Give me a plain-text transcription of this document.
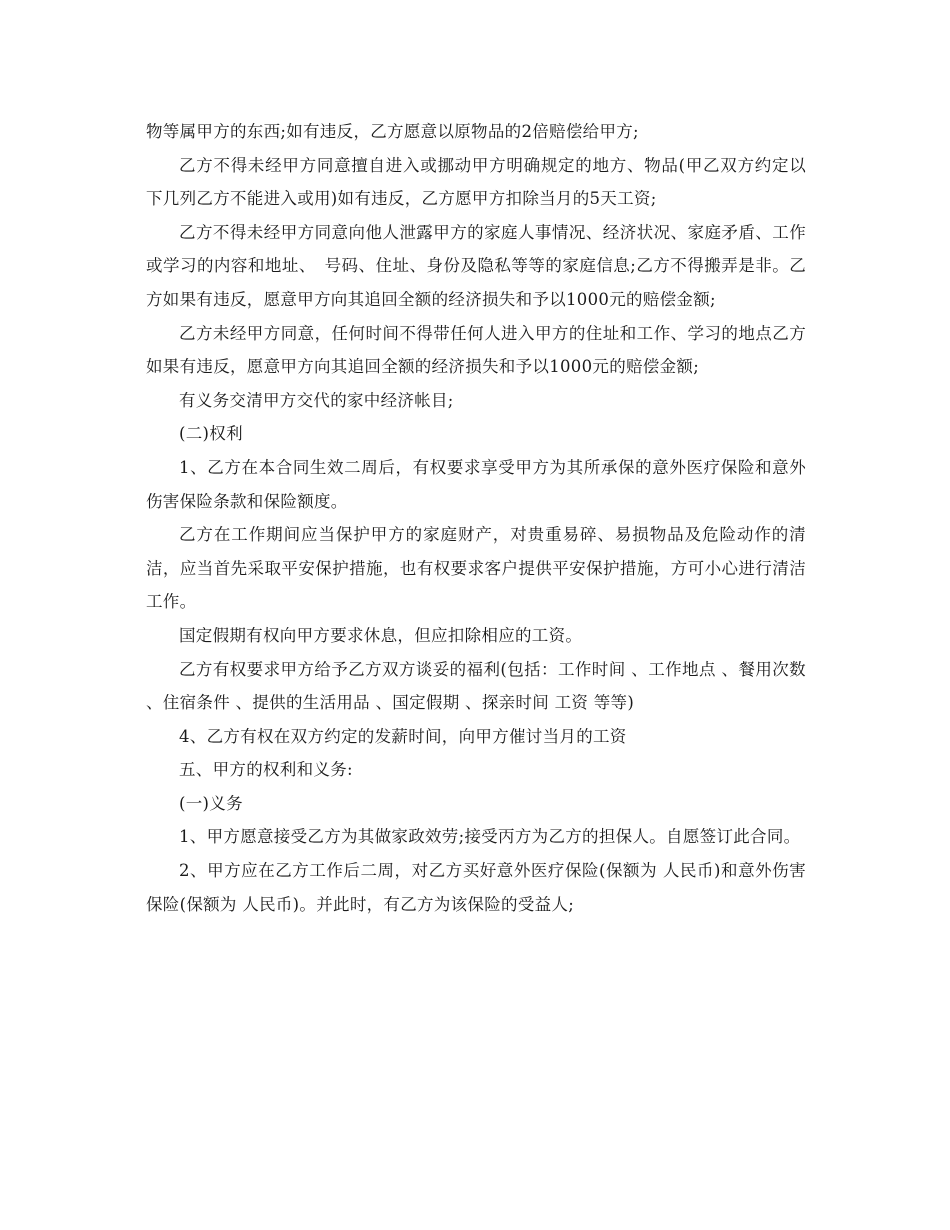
物等属甲方的东西;如有违反，乙方愿意以原物品的2倍赔偿给甲方;

乙方不得未经甲方同意擅自进入或挪动甲方明确规定的地方、物品(甲乙双方约定以下几列乙方不能进入或用)如有违反，乙方愿甲方扣除当月的5天工资;

乙方不得未经甲方同意向他人泄露甲方的家庭人事情况、经济状况、家庭矛盾、工作或学习的内容和地址、　号码、住址、身份及隐私等等的家庭信息;乙方不得搬弄是非。乙方如果有违反，愿意甲方向其追回全额的经济损失和予以1000元的赔偿金额;

乙方未经甲方同意，任何时间不得带任何人进入甲方的住址和工作、学习的地点乙方如果有违反，愿意甲方向其追回全额的经济损失和予以1000元的赔偿金额;

有义务交清甲方交代的家中经济帐目;

(二)权利

1、乙方在本合同生效二周后，有权要求享受甲方为其所承保的意外医疗保险和意外伤害保险条款和保险额度。

乙方在工作期间应当保护甲方的家庭财产，对贵重易碎、易损物品及危险动作的清洁，应当首先采取平安保护措施，也有权要求客户提供平安保护措施，方可小心进行清洁工作。

国定假期有权向甲方要求休息，但应扣除相应的工资。

乙方有权要求甲方给予乙方双方谈妥的福利(包括：工作时间 、工作地点 、餐用次数 、住宿条件 、提供的生活用品 、国定假期 、探亲时间 工资 等等)

4、乙方有权在双方约定的发薪时间，向甲方催讨当月的工资

五、甲方的权利和义务:

(一)义务

1、甲方愿意接受乙方为其做家政效劳;接受丙方为乙方的担保人。自愿签订此合同。

2、甲方应在乙方工作后二周，对乙方买好意外医疗保险(保额为 人民币)和意外伤害保险(保额为 人民币)。并此时，有乙方为该保险的受益人;
